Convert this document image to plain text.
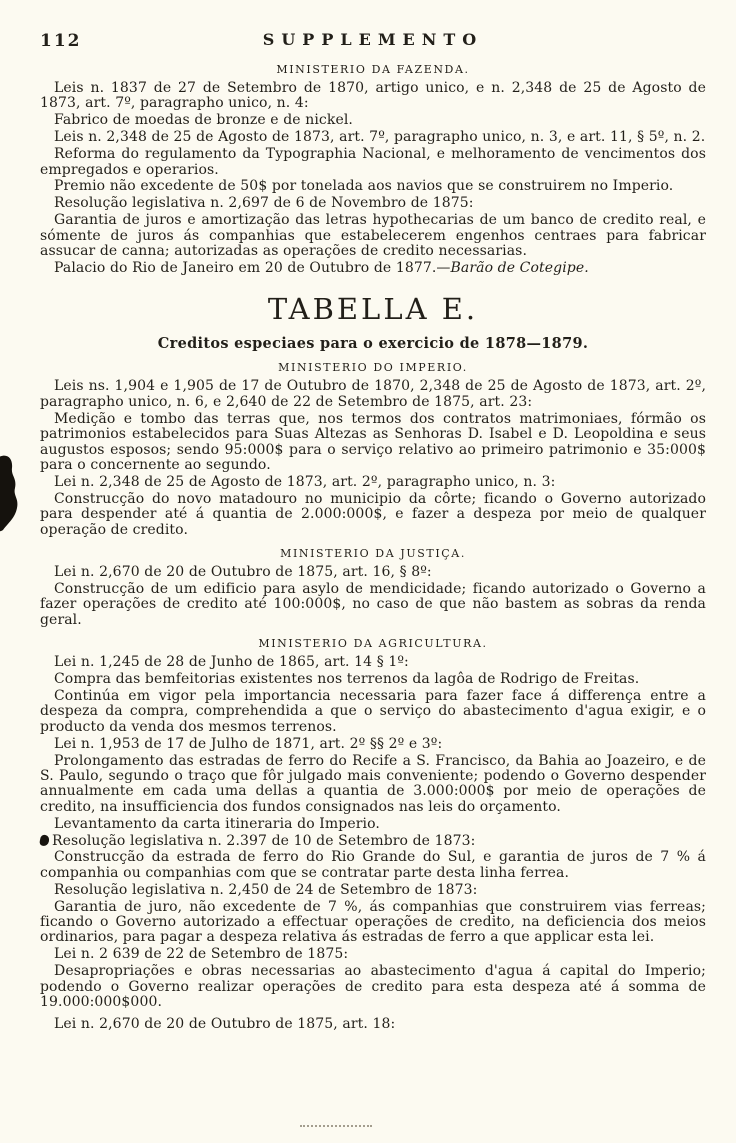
112	SUPPLEMENTO
MINISTERIO DA FAZENDA.

Leis n. 1837 de 27 de Setembro de 1870, artigo unico, e n. 2,348 de 25 de Agosto de 1873, art. 7º, paragrapho unico, n. 4:

Fabrico de moedas de bronze e de nickel.

Leis n. 2,348 de 25 de Agosto de 1873, art. 7º, paragrapho unico, n. 3, e art. 11, § 5º, n. 2.

Reforma do regulamento da Typographia Nacional, e melhoramento de vencimentos dos empregados e operarios.

Premio não excedente de 50$ por tonelada aos navios que se construirem no Imperio.

Resolução legislativa n. 2,697 de 6 de Novembro de 1875:

Garantia de juros e amortização das letras hypothecarias de um banco de credito real, e sómente de juros ás companhias que estabelecerem engenhos centraes para fabricar assucar de canna; autorizadas as operações de credito necessarias.

Palacio do Rio de Janeiro em 20 de Outubro de 1877.—Barão de Cotegipe.

TABELLA E.
Creditos especiaes para o exercicio de 1878—1879.
MINISTERIO DO IMPERIO.

Leis ns. 1,904 e 1,905 de 17 de Outubro de 1870, 2,348 de 25 de Agosto de 1873, art. 2º, paragrapho unico, n. 6, e 2,640 de 22 de Setembro de 1875, art. 23:

Medição e tombo das terras que, nos termos dos contratos matrimoniaes, fórmão os patrimonios estabelecidos para Suas Altezas as Senhoras D. Isabel e D. Leopoldina e seus augustos esposos; sendo 95:000$ para o serviço relativo ao primeiro patrimonio e 35:000$ para o concernente ao segundo.

Lei n. 2,348 de 25 de Agosto de 1873, art. 2º, paragrapho unico, n. 3:

Construcção do novo matadouro no municipio da côrte; ficando o Governo autorizado para despender até á quantia de 2.000:000$, e fazer a despeza por meio de qualquer operação de credito.

MINISTERIO DA JUSTIÇA.

Lei n. 2,670 de 20 de Outubro de 1875, art. 16, § 8º:

Construcção de um edificio para asylo de mendicidade; ficando autorizado o Governo a fazer operações de credito até 100:000$, no caso de que não bastem as sobras da renda geral.

MINISTERIO DA AGRICULTURA.

Lei n. 1,245 de 28 de Junho de 1865, art. 14 § 1º:

Compra das bemfeitorias existentes nos terrenos da lagôa de Rodrigo de Freitas.

Continúa em vigor pela importancia necessaria para fazer face á differença entre a despeza da compra, comprehendida a que o serviço do abastecimento d'agua exigir, e o producto da venda dos mesmos terrenos.

Lei n. 1,953 de 17 de Julho de 1871, art. 2º §§ 2º e 3º:

Prolongamento das estradas de ferro do Recife a S. Francisco, da Bahia ao Joazeiro, e de S. Paulo, segundo o traço que fôr julgado mais conveniente; podendo o Governo despender annualmente em cada uma dellas a quantia de 3.000:000$ por meio de operações de credito, na insufficiencia dos fundos consignados nas leis do orçamento.

Levantamento da carta itineraria do Imperio.

Resolução legislativa n. 2.397 de 10 de Setembro de 1873:

Construcção da estrada de ferro do Rio Grande do Sul, e garantia de juros de 7 % á companhia ou companhias com que se contratar parte desta linha ferrea.

Resolução legislativa n. 2,450 de 24 de Setembro de 1873:

Garantia de juro, não excedente de 7 %, ás companhias que construirem vias ferreas; ficando o Governo autorizado a effectuar operações de credito, na deficiencia dos meios ordinarios, para pagar a despeza relativa ás estradas de ferro a que applicar esta lei.

Lei n. 2 639 de 22 de Setembro de 1875:

Desapropriações e obras necessarias ao abastecimento d'agua á capital do Imperio; podendo o Governo realizar operações de credito para esta despeza até á somma de 19.000:000$000.

Lei n. 2,670 de 20 de Outubro de 1875, art. 18:
